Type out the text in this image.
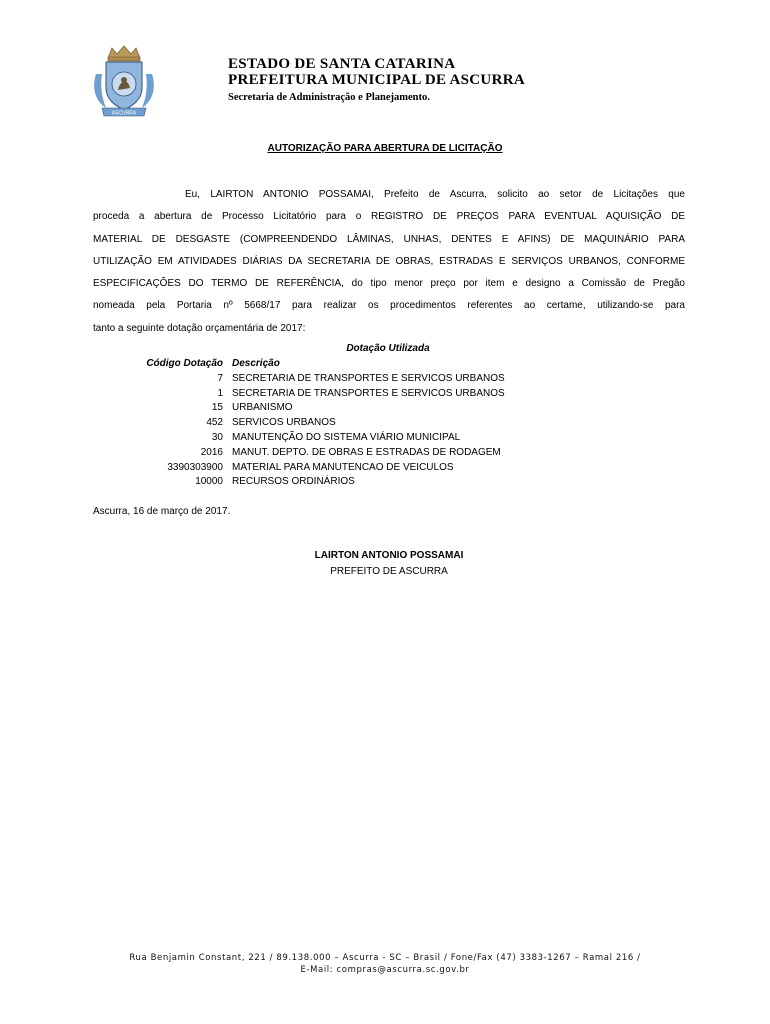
ASCURRA
ESTADO DE SANTA CATARINA
PREFEITURA MUNICIPAL DE ASCURRA
Secretaria de Administração e Planejamento.
AUTORIZAÇÃO PARA ABERTURA DE LICITAÇÃO
Eu, LAIRTON ANTONIO POSSAMAI, Prefeito de Ascurra, solicito ao setor de Licitações que
proceda a abertura de Processo Licitatório para o REGISTRO DE PREÇOS PARA EVENTUAL AQUISIÇÃO DE
MATERIAL DE DESGASTE (COMPREENDENDO LÂMINAS, UNHAS, DENTES E AFINS) DE MAQUINÁRIO PARA
UTILIZAÇÃO EM ATIVIDADES DIÁRIAS DA SECRETARIA DE OBRAS, ESTRADAS E SERVIÇOS URBANOS, CONFORME
ESPECIFICAÇÕES DO TERMO DE REFERÊNCIA, do tipo menor preço por item e designo a Comissão de Pregão
nomeada pela Portaria nº 5668/17 para realizar os procedimentos referentes ao certame, utilizando-se para
tanto a seguinte dotação orçamentária de 2017:
Dotação Utilizada
Código Dotação Descrição
7 SECRETARIA DE TRANSPORTES E SERVICOS URBANOS
1 SECRETARIA DE TRANSPORTES E SERVICOS URBANOS
15 URBANISMO
452 SERVICOS URBANOS
30 MANUTENÇÃO DO SISTEMA VIÁRIO MUNICIPAL
2016 MANUT. DEPTO. DE OBRAS E ESTRADAS DE RODAGEM
3390303900 MATERIAL PARA MANUTENCAO DE VEICULOS
10000 RECURSOS ORDINÁRIOS
Ascurra, 16 de março de 2017.
LAIRTON ANTONIO POSSAMAI
PREFEITO DE ASCURRA
Rua Benjamin Constant, 221 / 89.138.000 – Ascurra - SC – Brasil / Fone/Fax (47) 3383-1267 – Ramal 216 /
E-Mail: compras@ascurra.sc.gov.br
